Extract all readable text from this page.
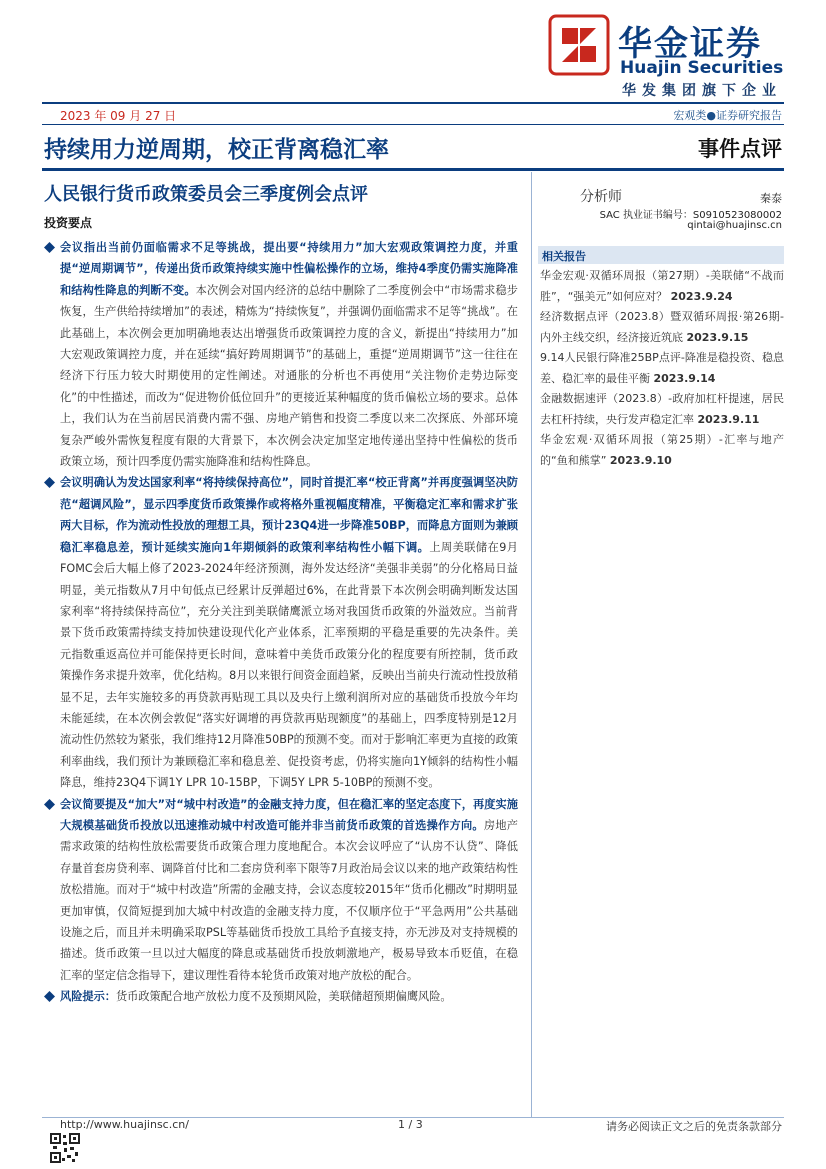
华金证券
Huajin Securities
华发集团旗下企业
2023 年 09 月 27 日	宏观类●证券研究报告
持续用力逆周期，校正背离稳汇率	事件点评
人民银行货币政策委员会三季度例会点评

投资要点

会议指出当前仍面临需求不足等挑战，提出要“持续用力”加大宏观政策调控力度，并重提“逆周期调节”，传递出货币政策持续实施中性偏松操作的立场，维持4季度仍需实施降准和结构性降息的判断不变。本次例会对国内经济的总结中删除了二季度例会中“市场需求稳步恢复，生产供给持续增加”的表述，精炼为“持续恢复”，并强调仍面临需求不足等“挑战”。在此基础上，本次例会更加明确地表达出增强货币政策调控力度的含义，新提出“持续用力”加大宏观政策调控力度，并在延续“搞好跨周期调节”的基础上，重提“逆周期调节”这一往往在经济下行压力较大时期使用的定性阐述。对通胀的分析也不再使用“关注物价走势边际变化”的中性描述，而改为“促进物价低位回升”的更接近某种幅度的货币偏松立场的要求。总体上，我们认为在当前居民消费内需不强、房地产销售和投资二季度以来二次探底、外部环境复杂严峻外需恢复程度有限的大背景下，本次例会决定加坚定地传递出坚持中性偏松的货币政策立场，预计四季度仍需实施降准和结构性降息。

会议明确认为发达国家利率“将持续保持高位”，同时首提汇率“校正背离”并再度强调坚决防范“超调风险”，显示四季度货币政策操作或将格外重视幅度精准，平衡稳定汇率和需求扩张两大目标，作为流动性投放的理想工具，预计23Q4进一步降准50BP，而降息方面则为兼顾稳汇率稳息差，预计延续实施向1年期倾斜的政策利率结构性小幅下调。上周美联储在9月FOMC会后大幅上修了2023-2024年经济预测，海外发达经济“美强非美弱”的分化格局日益明显，美元指数从7月中旬低点已经累计反弹超过6%，在此背景下本次例会明确判断发达国家利率“将持续保持高位”，充分关注到美联储鹰派立场对我国货币政策的外溢效应。当前背景下货币政策需持续支持加快建设现代化产业体系，汇率预期的平稳是重要的先决条件。美元指数重返高位并可能保持更长时间，意味着中美货币政策分化的程度要有所控制，货币政策操作务求提升效率，优化结构。8月以来银行间资金面趋紧，反映出当前央行流动性投放稍显不足，去年实施较多的再贷款再贴现工具以及央行上缴利润所对应的基础货币投放今年均未能延续，在本次例会敦促“落实好调增的再贷款再贴现额度”的基础上，四季度特别是12月流动性仍然较为紧张，我们维持12月降准50BP的预测不变。而对于影响汇率更为直接的政策利率曲线，我们预计为兼顾稳汇率和稳息差、促投资考虑，仍将实施向1Y倾斜的结构性小幅降息，维持23Q4下调1Y LPR 10-15BP，下调5Y LPR 5-10BP的预测不变。

会议简要提及“加大”对“城中村改造”的金融支持力度，但在稳汇率的坚定态度下，再度实施大规模基础货币投放以迅速推动城中村改造可能并非当前货币政策的首选操作方向。房地产需求政策的结构性放松需要货币政策合理力度地配合。本次会议呼应了“认房不认贷”、降低存量首套房贷利率、调降首付比和二套房贷利率下限等7月政治局会议以来的地产政策结构性放松措施。而对于“城中村改造”所需的金融支持，会议态度较2015年“货币化棚改”时期明显更加审慎，仅简短提到加大城中村改造的金融支持力度，不仅顺序位于“平急两用”公共基础设施之后，而且并未明确采取PSL等基础货币投放工具给予直接支持，亦无涉及对支持规模的描述。货币政策一旦以过大幅度的降息或基础货币投放刺激地产，极易导致本币贬值，在稳汇率的坚定信念指导下，建议理性看待本轮货币政策对地产放松的配合。

风险提示：货币政策配合地产放松力度不及预期风险，美联储超预期偏鹰风险。

分析师	秦泰
SAC 执业证书编号：S0910523080002
qintai@huajinsc.cn
相关报告

华金宏观·双循环周报（第27期）-美联储“不战而胜”，“强美元”如何应对？ 2023.9.24

经济数据点评（2023.8）暨双循环周报·第26期-内外主线交织，经济接近筑底 2023.9.15

9.14人民银行降准25BP点评-降准是稳投资、稳息差、稳汇率的最佳平衡 2023.9.14

金融数据速评（2023.8）-政府加杠杆提速，居民去杠杆持续，央行发声稳定汇率 2023.9.11

华金宏观·双循环周报（第25期）-汇率与地产的“鱼和熊掌” 2023.9.10

http://www.huajinsc.cn/	1 / 3	请务必阅读正文之后的免责条款部分
